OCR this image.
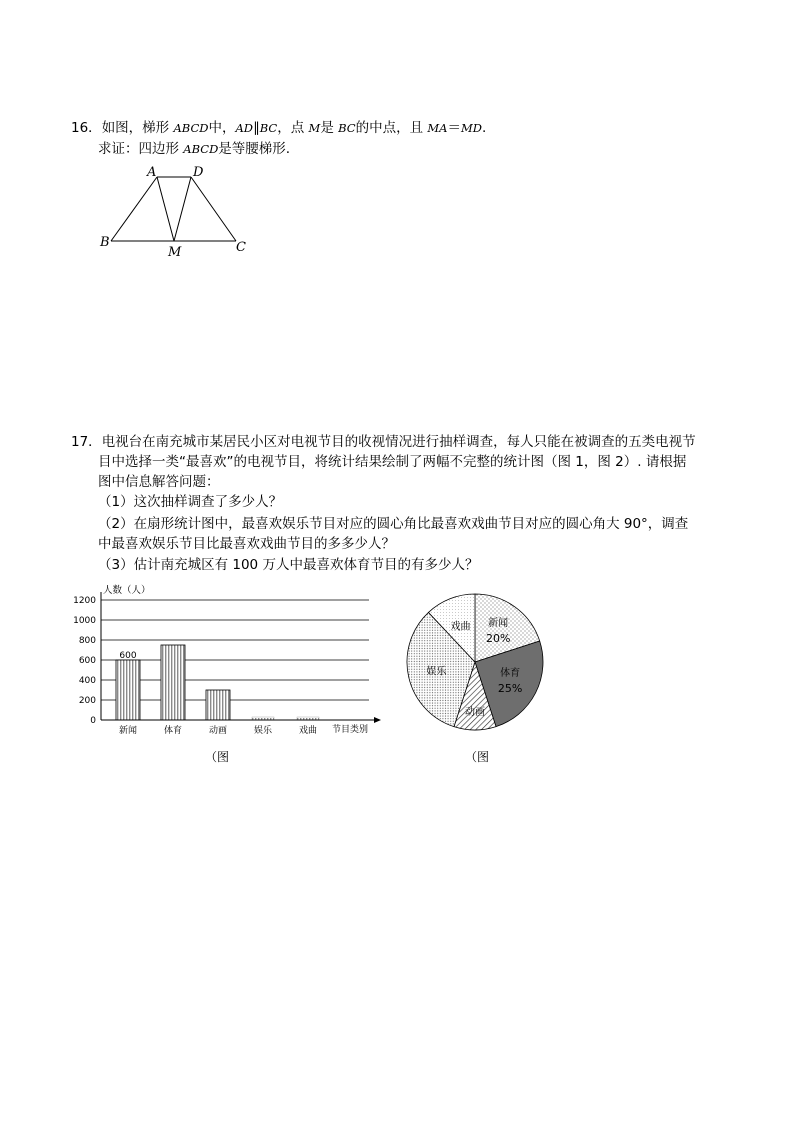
16．如图，梯形 ABCD中，AD∥BC，点 M是 BC的中点，且 MA＝MD.
求证：四边形 ABCD是等腰梯形.
A	D
B
M	C
17．电视台在南充城市某居民小区对电视节目的收视情况进行抽样调查，每人只能在被调查的五类电视节
目中选择一类“最喜欢”的电视节目，将统计结果绘制了两幅不完整的统计图（图 1，图 2）. 请根据
图中信息解答问题：
（1）这次抽样调查了多少人？
（2）在扇形统计图中，最喜欢娱乐节目对应的圆心角比最喜欢戏曲节目对应的圆心角大 90°，调查
中最喜欢娱乐节目比最喜欢戏曲节目的多多少人？
（3）估计南充城区有 100 万人中最喜欢体育节目的有多少人？
0
200
400
600
800
1000
1200
新闻
600
体育	动画	娱乐	戏曲
人数（人）
节目类别
（图
新闻
20%
体育
25%
动画
娱乐
戏曲
（图
